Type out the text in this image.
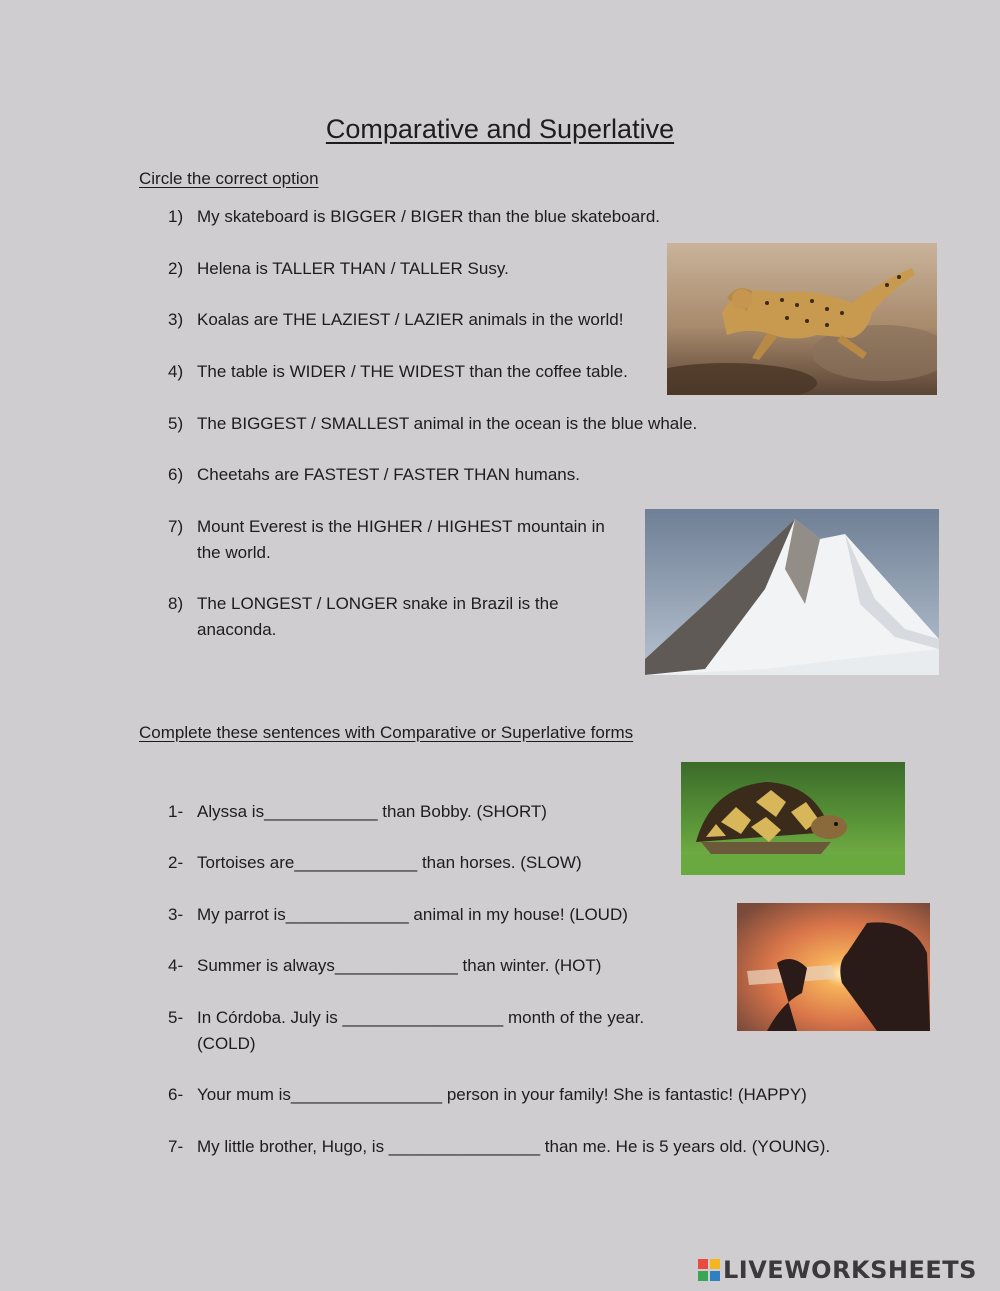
Comparative and Superlative
Circle the correct option
1) My skateboard is BIGGER / BIGER than the blue skateboard.
2) Helena is TALLER THAN / TALLER Susy.
3) Koalas are THE LAZIEST / LAZIER animals in the world!
4) The table is WIDER / THE WIDEST than the coffee table.
5) The BIGGEST / SMALLEST animal in the ocean is the blue whale.
6) Cheetahs are FASTEST / FASTER THAN humans.
7) Mount Everest is the HIGHER / HIGHEST mountain in
the world.
8) The LONGEST / LONGER snake in Brazil is the
anaconda.
Complete these sentences with Comparative or Superlative forms
1- Alyssa is____________ than Bobby. (SHORT)
2- Tortoises are_____________ than horses. (SLOW)
3- My parrot is_____________ animal in my house! (LOUD)
4- Summer is always_____________ than winter. (HOT)
5- In Córdoba. July is _________________ month of the year.
(COLD)
6- Your mum is________________ person in your family! She is fantastic! (HAPPY)
7- My little brother, Hugo, is ________________ than me. He is 5 years old. (YOUNG).
LIVEWORKSHEETS
